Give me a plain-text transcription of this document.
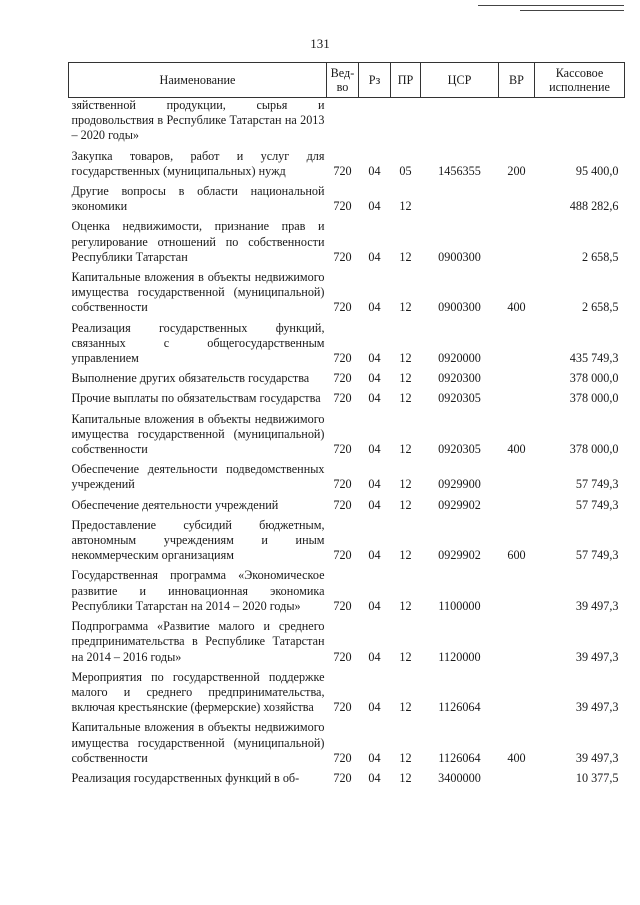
131
Наименование	Вед-во	Рз	ПР	ЦСР	ВР	Кассовое исполнение
зяйственной продукции, сырья и продовольствия в Республике Татарстан на 2013 – 2020 годы»						

Закупка товаров, работ и услуг для государственных (муниципальных) нужд	720	04	05	1456355	200	95 400,0

Другие вопросы в области национальной экономики	720	04	12			488 282,6

Оценка недвижимости, признание прав и регулирование отношений по собственности Республики Татарстан	720	04	12	0900300		2 658,5

Капитальные вложения в объекты недвижимого имущества государственной (муниципальной) собственности	720	04	12	0900300	400	2 658,5

Реализация государственных функций, связанных с общегосударственным управлением	720	04	12	0920000		435 749,3

Выполнение других обязательств государства	720	04	12	0920300		378 000,0

Прочие выплаты по обязательствам государства	720	04	12	0920305		378 000,0

Капитальные вложения в объекты недвижимого имущества государственной (муниципальной) собственности	720	04	12	0920305	400	378 000,0

Обеспечение деятельности подведомственных учреждений	720	04	12	0929900		57 749,3

Обеспечение деятельности учреждений	720	04	12	0929902		57 749,3

Предоставление субсидий бюджетным, автономным учреждениям и иным некоммерческим организациям	720	04	12	0929902	600	57 749,3

Государственная программа «Экономическое развитие и инновационная экономика Республики Татарстан на 2014 – 2020 годы»	720	04	12	1100000		39 497,3

Подпрограмма «Развитие малого и среднего предпринимательства в Республике Татарстан на 2014 – 2016 годы»	720	04	12	1120000		39 497,3

Мероприятия по государственной поддержке малого и среднего предпринимательства, включая крестьянские (фермерские) хозяйства	720	04	12	1126064		39 497,3

Капитальные вложения в объекты недвижимого имущества государственной (муниципальной) собственности	720	04	12	1126064	400	39 497,3

Реализация государственных функций в об-	720	04	12	3400000		10 377,5
